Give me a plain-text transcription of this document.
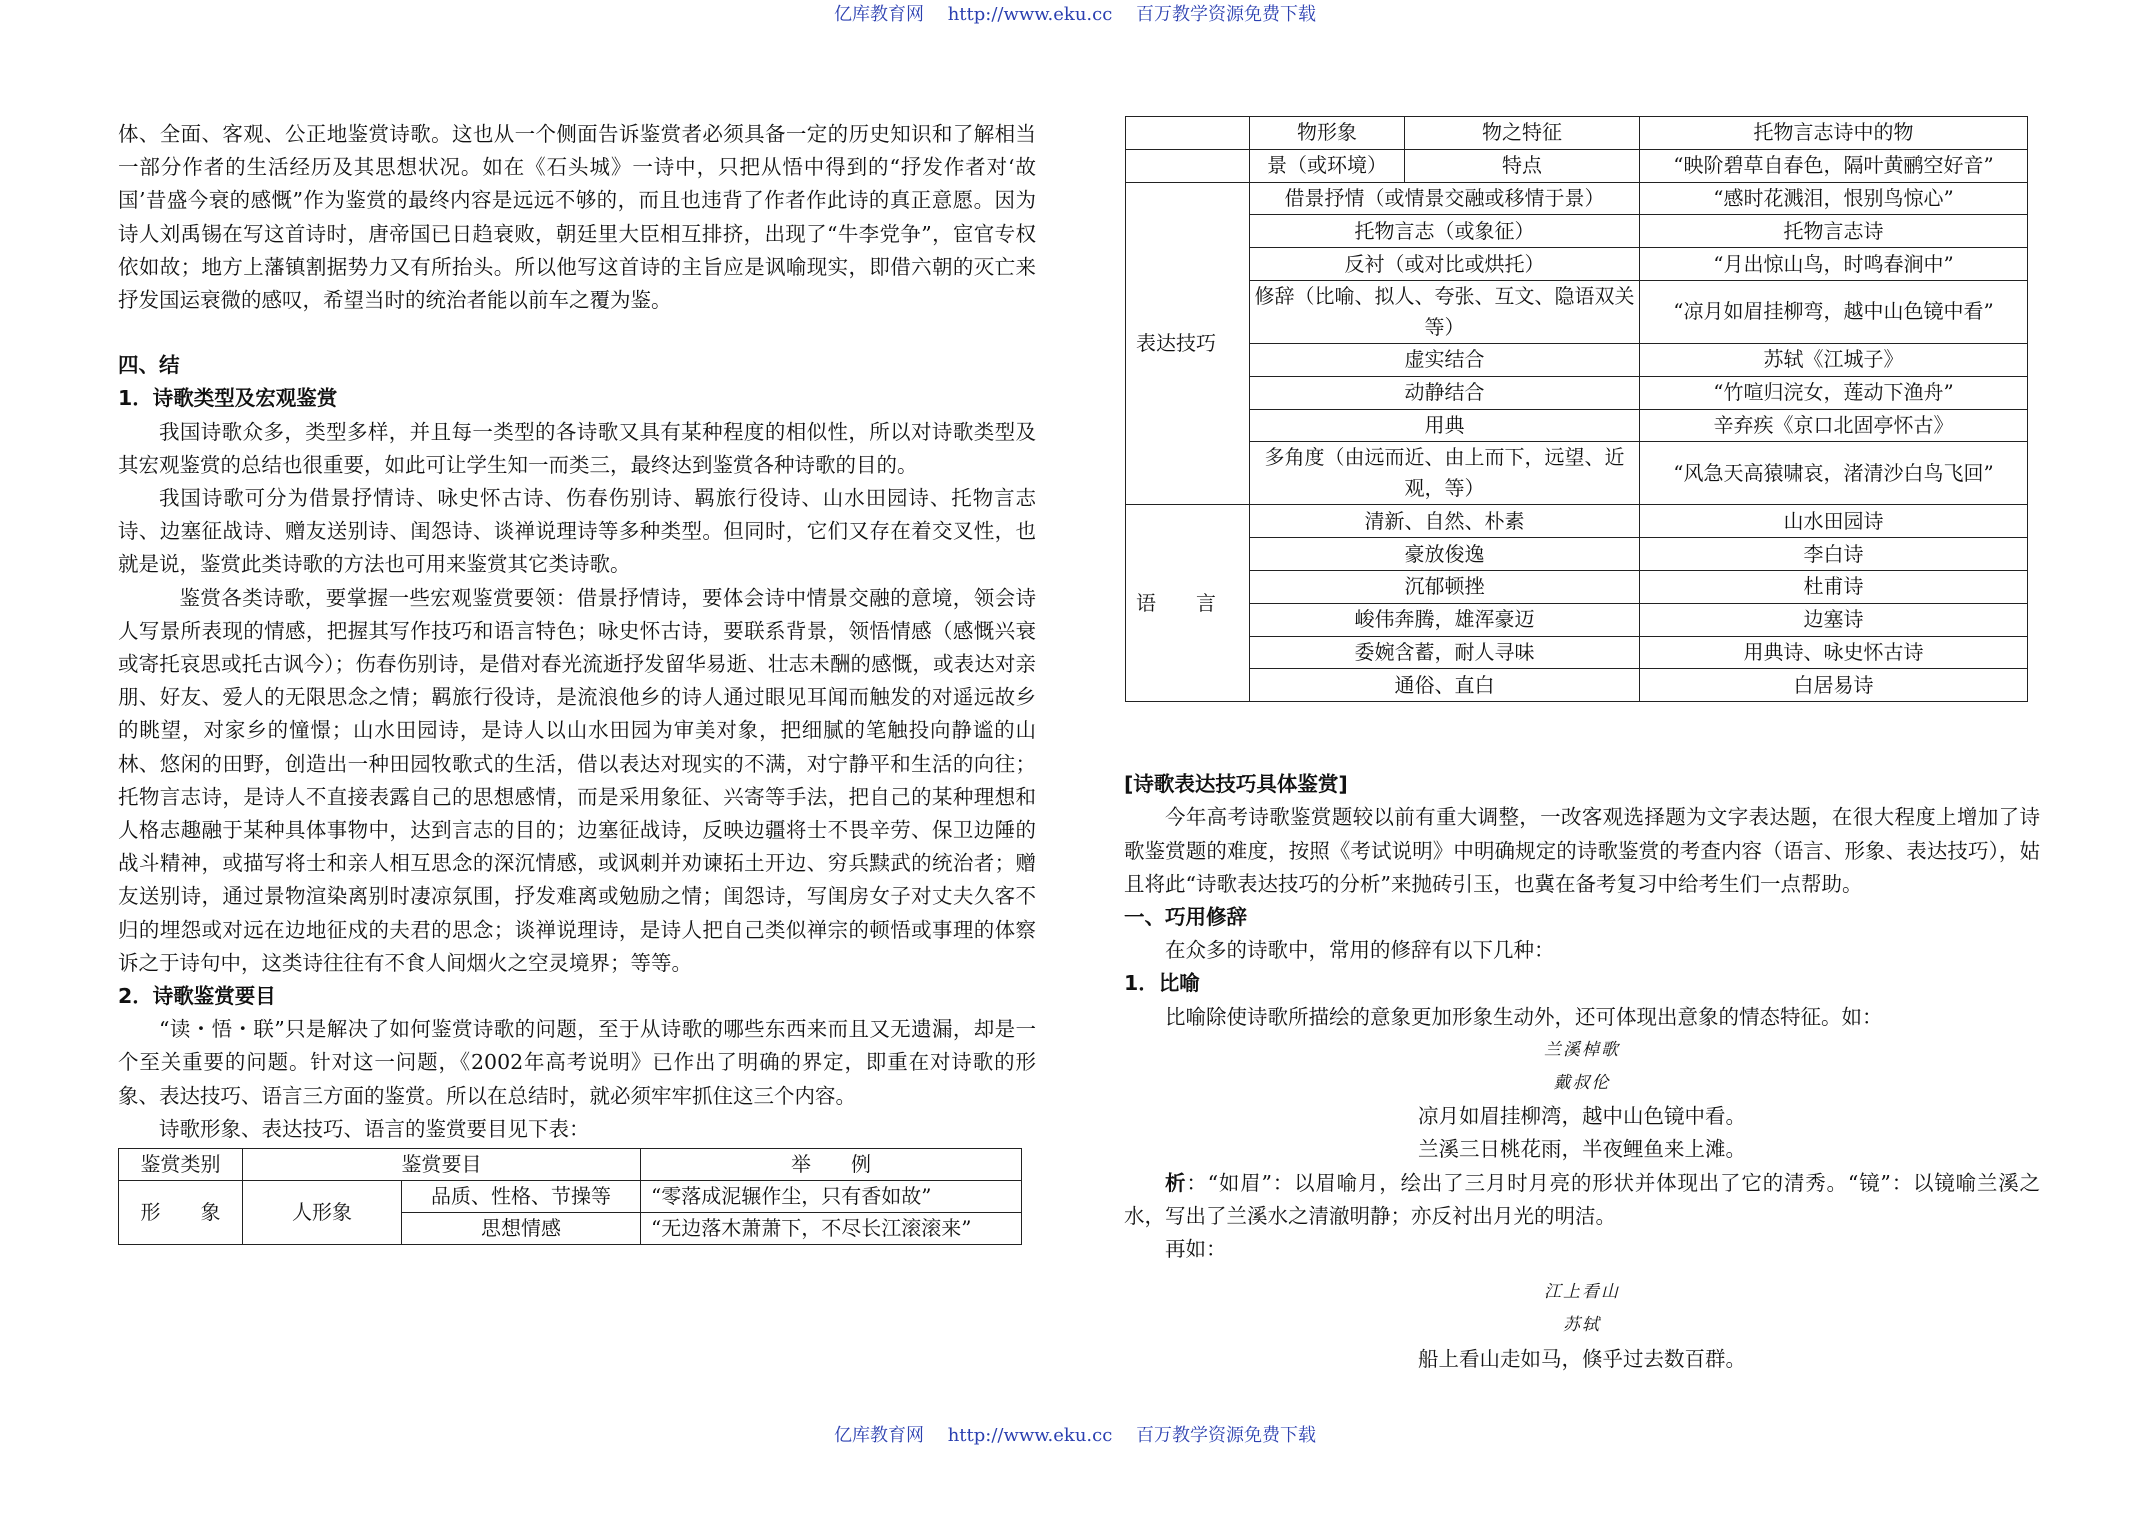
亿库教育网　 http://www.eku.cc　 百万教学资源免费下载

体、全面、客观、公正地鉴赏诗歌。这也从一个侧面告诉鉴赏者必须具备一定的历史知识和了解相当一部分作者的生活经历及其思想状况。如在《石头城》一诗中，只把从悟中得到的“抒发作者对‘故国’昔盛今衰的感慨”作为鉴赏的最终内容是远远不够的，而且也违背了作者作此诗的真正意愿。因为诗人刘禹锡在写这首诗时，唐帝国已日趋衰败，朝廷里大臣相互排挤，出现了“牛李党争”，宦官专权依如故；地方上藩镇割据势力又有所抬头。所以他写这首诗的主旨应是讽喻现实，即借六朝的灭亡来抒发国运衰微的感叹，希望当时的统治者能以前车之覆为鉴。

四、结
1．诗歌类型及宏观鉴赏

我国诗歌众多，类型多样，并且每一类型的各诗歌又具有某种程度的相似性，所以对诗歌类型及其宏观鉴赏的总结也很重要，如此可让学生知一而类三，最终达到鉴赏各种诗歌的目的。

我国诗歌可分为借景抒情诗、咏史怀古诗、伤春伤别诗、羁旅行役诗、山水田园诗、托物言志诗、边塞征战诗、赠友送别诗、闺怨诗、谈禅说理诗等多种类型。但同时，它们又存在着交叉性，也就是说，鉴赏此类诗歌的方法也可用来鉴赏其它类诗歌。

鉴赏各类诗歌，要掌握一些宏观鉴赏要领：借景抒情诗，要体会诗中情景交融的意境，领会诗人写景所表现的情感，把握其写作技巧和语言特色；咏史怀古诗，要联系背景，领悟情感（感慨兴衰或寄托哀思或托古讽今）；伤春伤别诗，是借对春光流逝抒发留华易逝、壮志未酬的感慨，或表达对亲朋、好友、爱人的无限思念之情；羁旅行役诗，是流浪他乡的诗人通过眼见耳闻而触发的对遥远故乡的眺望，对家乡的憧憬；山水田园诗，是诗人以山水田园为审美对象，把细腻的笔触投向静谧的山林、悠闲的田野，创造出一种田园牧歌式的生活，借以表达对现实的不满，对宁静平和生活的向往；托物言志诗，是诗人不直接表露自己的思想感情，而是采用象征、兴寄等手法，把自己的某种理想和人格志趣融于某种具体事物中，达到言志的目的；边塞征战诗，反映边疆将士不畏辛劳、保卫边陲的战斗精神，或描写将士和亲人相互思念的深沉情感，或讽刺并劝谏拓土开边、穷兵黩武的统治者；赠友送别诗，通过景物渲染离别时凄凉氛围，抒发难离或勉励之情；闺怨诗，写闺房女子对丈夫久客不归的埋怨或对远在边地征戍的夫君的思念；谈禅说理诗，是诗人把自己类似禅宗的顿悟或事理的体察诉之于诗句中，这类诗往往有不食人间烟火之空灵境界；等等。

2．诗歌鉴赏要目

“读・悟・联”只是解决了如何鉴赏诗歌的问题，至于从诗歌的哪些东西来而且又无遗漏，却是一个至关重要的问题。针对这一问题，《2002年高考说明》已作出了明确的界定，即重在对诗歌的形象、表达技巧、语言三方面的鉴赏。所以在总结时，就必须牢牢抓住这三个内容。

诗歌形象、表达技巧、语言的鉴赏要目见下表：

鉴赏类别	鉴赏要目		举　　例
形　　象	人形象	品质、性格、节操等	“零落成泥辗作尘，只有香如故”
		思想情感	“无边落木萧萧下，不尽长江滚滚来”
	物形象	物之特征	托物言志诗中的物
	景（或环境）	特点	“映阶碧草自春色，隔叶黄鹂空好音”
表达技巧	借景抒情（或情景交融或移情于景）		“感时花溅泪，恨别鸟惊心”
	托物言志（或象征）		托物言志诗
	反衬（或对比或烘托）		“月出惊山鸟，时鸣春涧中”
	修辞（比喻、拟人、夸张、互文、隐语双关等）		“凉月如眉挂柳弯，越中山色镜中看”
	虚实结合		苏轼《江城子》
	动静结合		“竹喧归浣女，莲动下渔舟”
	用典		辛弃疾《京口北固亭怀古》
	多角度（由远而近、由上而下，远望、近观，等）		“风急天高猿啸哀，渚清沙白鸟飞回”
语　　言	清新、自然、朴素		山水田园诗
	豪放俊逸		李白诗
	沉郁顿挫		杜甫诗
	峻伟奔腾，雄浑豪迈		边塞诗
	委婉含蓄，耐人寻味		用典诗、咏史怀古诗
	通俗、直白		白居易诗
[诗歌表达技巧具体鉴赏]

今年高考诗歌鉴赏题较以前有重大调整，一改客观选择题为文字表达题，在很大程度上增加了诗歌鉴赏题的难度，按照《考试说明》中明确规定的诗歌鉴赏的考查内容（语言、形象、表达技巧），姑且将此“诗歌表达技巧的分析”来抛砖引玉，也冀在备考复习中给考生们一点帮助。

一、巧用修辞

在众多的诗歌中，常用的修辞有以下几种：

1．比喻

比喻除使诗歌所描绘的意象更加形象生动外，还可体现出意象的情态特征。如：

兰溪棹歌
戴叔伦

凉月如眉挂柳湾，越中山色镜中看。

兰溪三日桃花雨，半夜鲤鱼来上滩。

析：“如眉”：以眉喻月，绘出了三月时月亮的形状并体现出了它的清秀。“镜”：以镜喻兰溪之水，写出了兰溪水之清澈明静；亦反衬出月光的明洁。

再如：

江上看山
苏轼

船上看山走如马，倏乎过去数百群。

亿库教育网　 http://www.eku.cc　 百万教学资源免费下载
